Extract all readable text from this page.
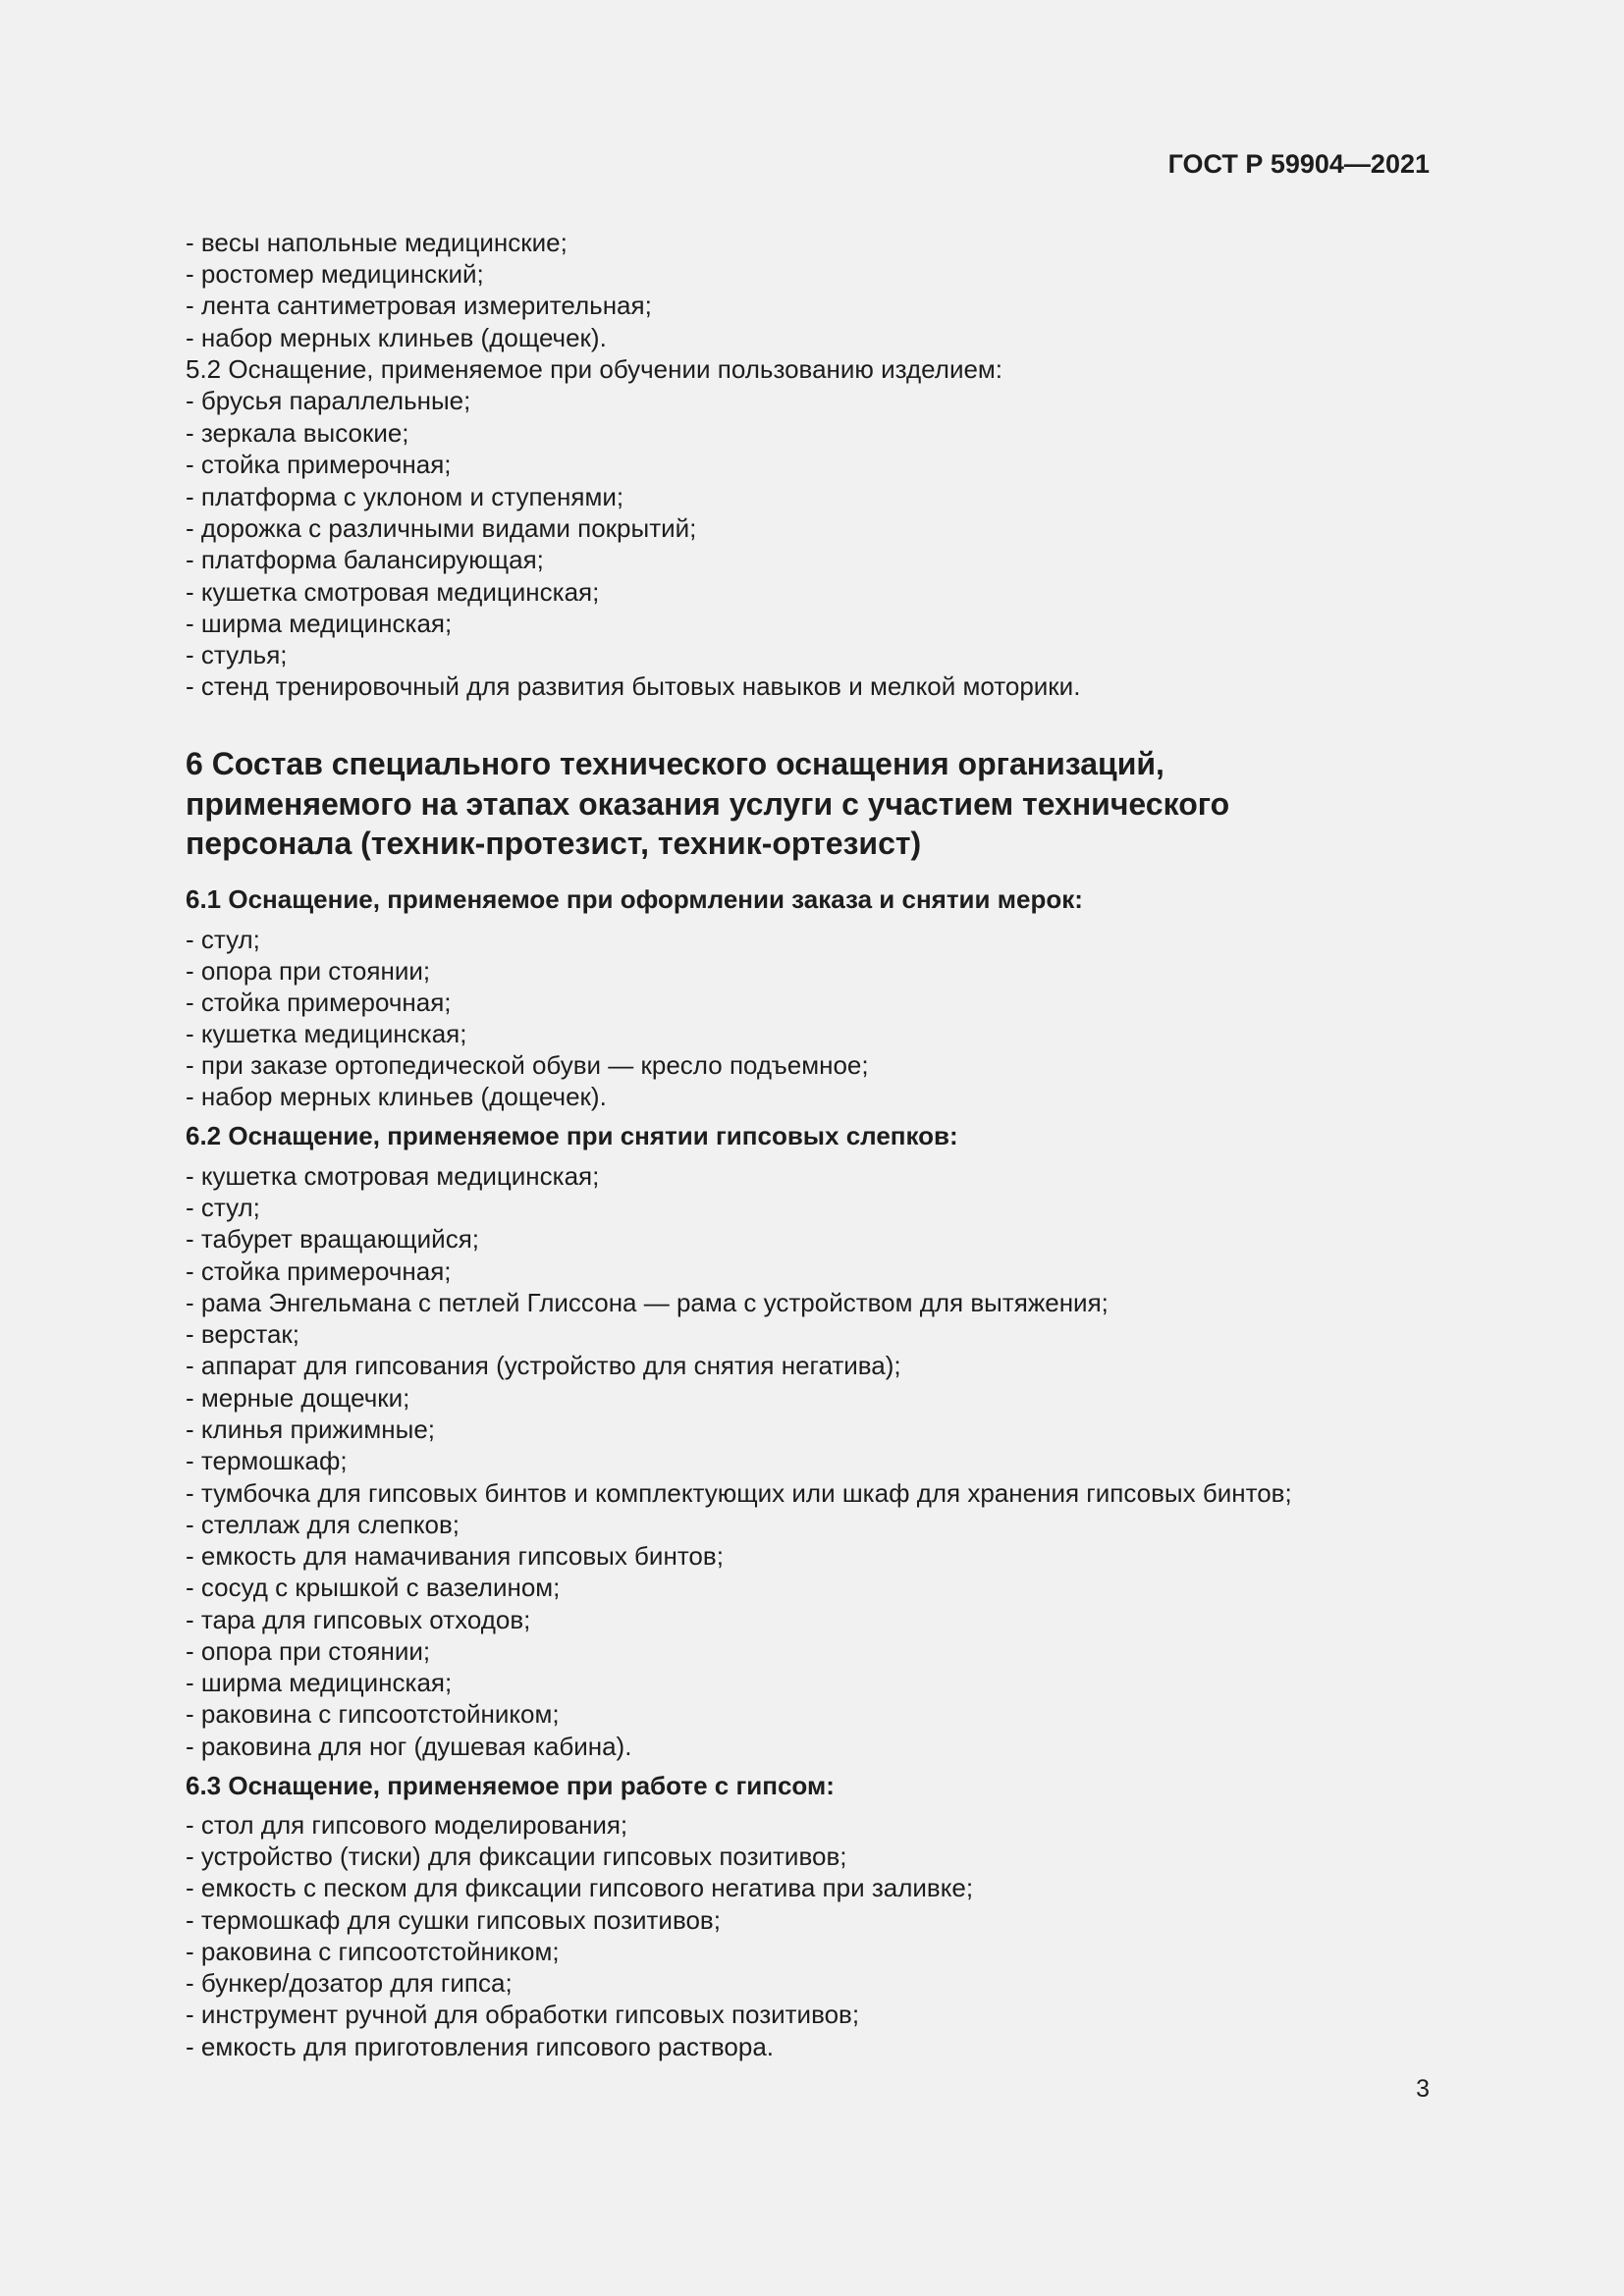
ГОСТ Р 59904—2021
- весы напольные медицинские;
- ростомер медицинский;
- лента сантиметровая измерительная;
- набор мерных клиньев (дощечек).
5.2 Оснащение, применяемое при обучении пользованию изделием:
- брусья параллельные;
- зеркала высокие;
- стойка примерочная;
- платформа с уклоном и ступенями;
- дорожка с различными видами покрытий;
- платформа балансирующая;
- кушетка смотровая медицинская;
- ширма медицинская;
- стулья;
- стенд тренировочный для развития бытовых навыков и мелкой моторики.
6 Состав специального технического оснащения организаций,
применяемого на этапах оказания услуги с участием технического
персонала (техник-протезист, техник-ортезист)
6.1 Оснащение, применяемое при оформлении заказа и снятии мерок:
- стул;
- опора при стоянии;
- стойка примерочная;
- кушетка медицинская;
- при заказе ортопедической обуви — кресло подъемное;
- набор мерных клиньев (дощечек).
6.2 Оснащение, применяемое при снятии гипсовых слепков:
- кушетка смотровая медицинская;
- стул;
- табурет вращающийся;
- стойка примерочная;
- рама Энгельмана с петлей Глиссона — рама с устройством для вытяжения;
- верстак;
- аппарат для гипсования (устройство для снятия негатива);
- мерные дощечки;
- клинья прижимные;
- термошкаф;
- тумбочка для гипсовых бинтов и комплектующих или шкаф для хранения гипсовых бинтов;
- стеллаж для слепков;
- емкость для намачивания гипсовых бинтов;
- сосуд с крышкой с вазелином;
- тара для гипсовых отходов;
- опора при стоянии;
- ширма медицинская;
- раковина с гипсоотстойником;
- раковина для ног (душевая кабина).
6.3 Оснащение, применяемое при работе с гипсом:
- стол для гипсового моделирования;
- устройство (тиски) для фиксации гипсовых позитивов;
- емкость с песком для фиксации гипсового негатива при заливке;
- термошкаф для сушки гипсовых позитивов;
- раковина с гипсоотстойником;
- бункер/дозатор для гипса;
- инструмент ручной для обработки гипсовых позитивов;
- емкость для приготовления гипсового раствора.
3
